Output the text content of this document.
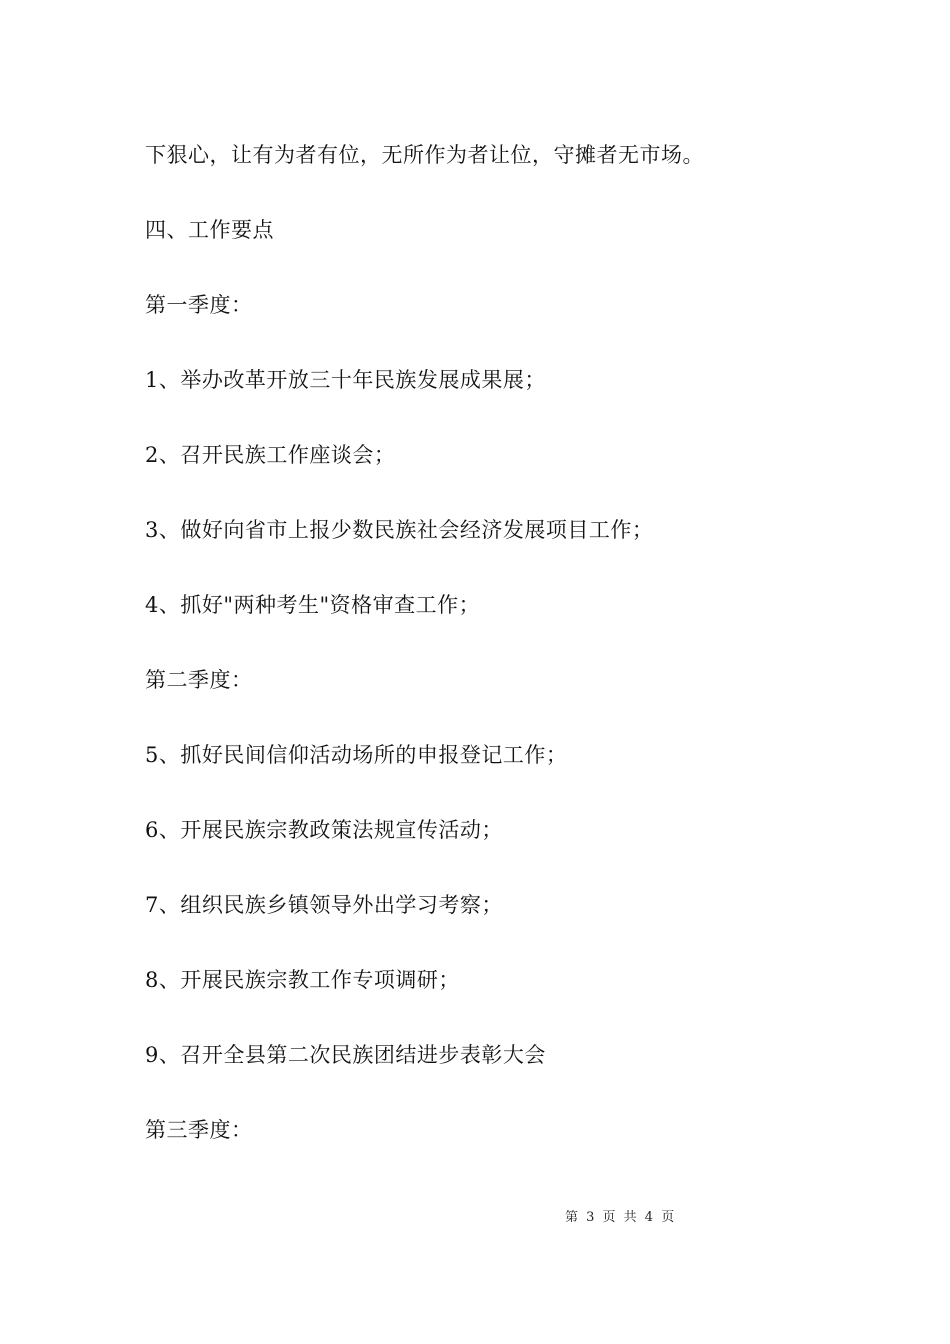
下狠心，让有为者有位，无所作为者让位，守摊者无市场。

四、工作要点

第一季度：

1、举办改革开放三十年民族发展成果展；

2、召开民族工作座谈会；

3、做好向省市上报少数民族社会经济发展项目工作；

4、抓好"两种考生"资格审查工作；

第二季度：

5、抓好民间信仰活动场所的申报登记工作；

6、开展民族宗教政策法规宣传活动；

7、组织民族乡镇领导外出学习考察；

8、开展民族宗教工作专项调研；

9、召开全县第二次民族团结进步表彰大会

第三季度：

第 3 页 共 4 页
